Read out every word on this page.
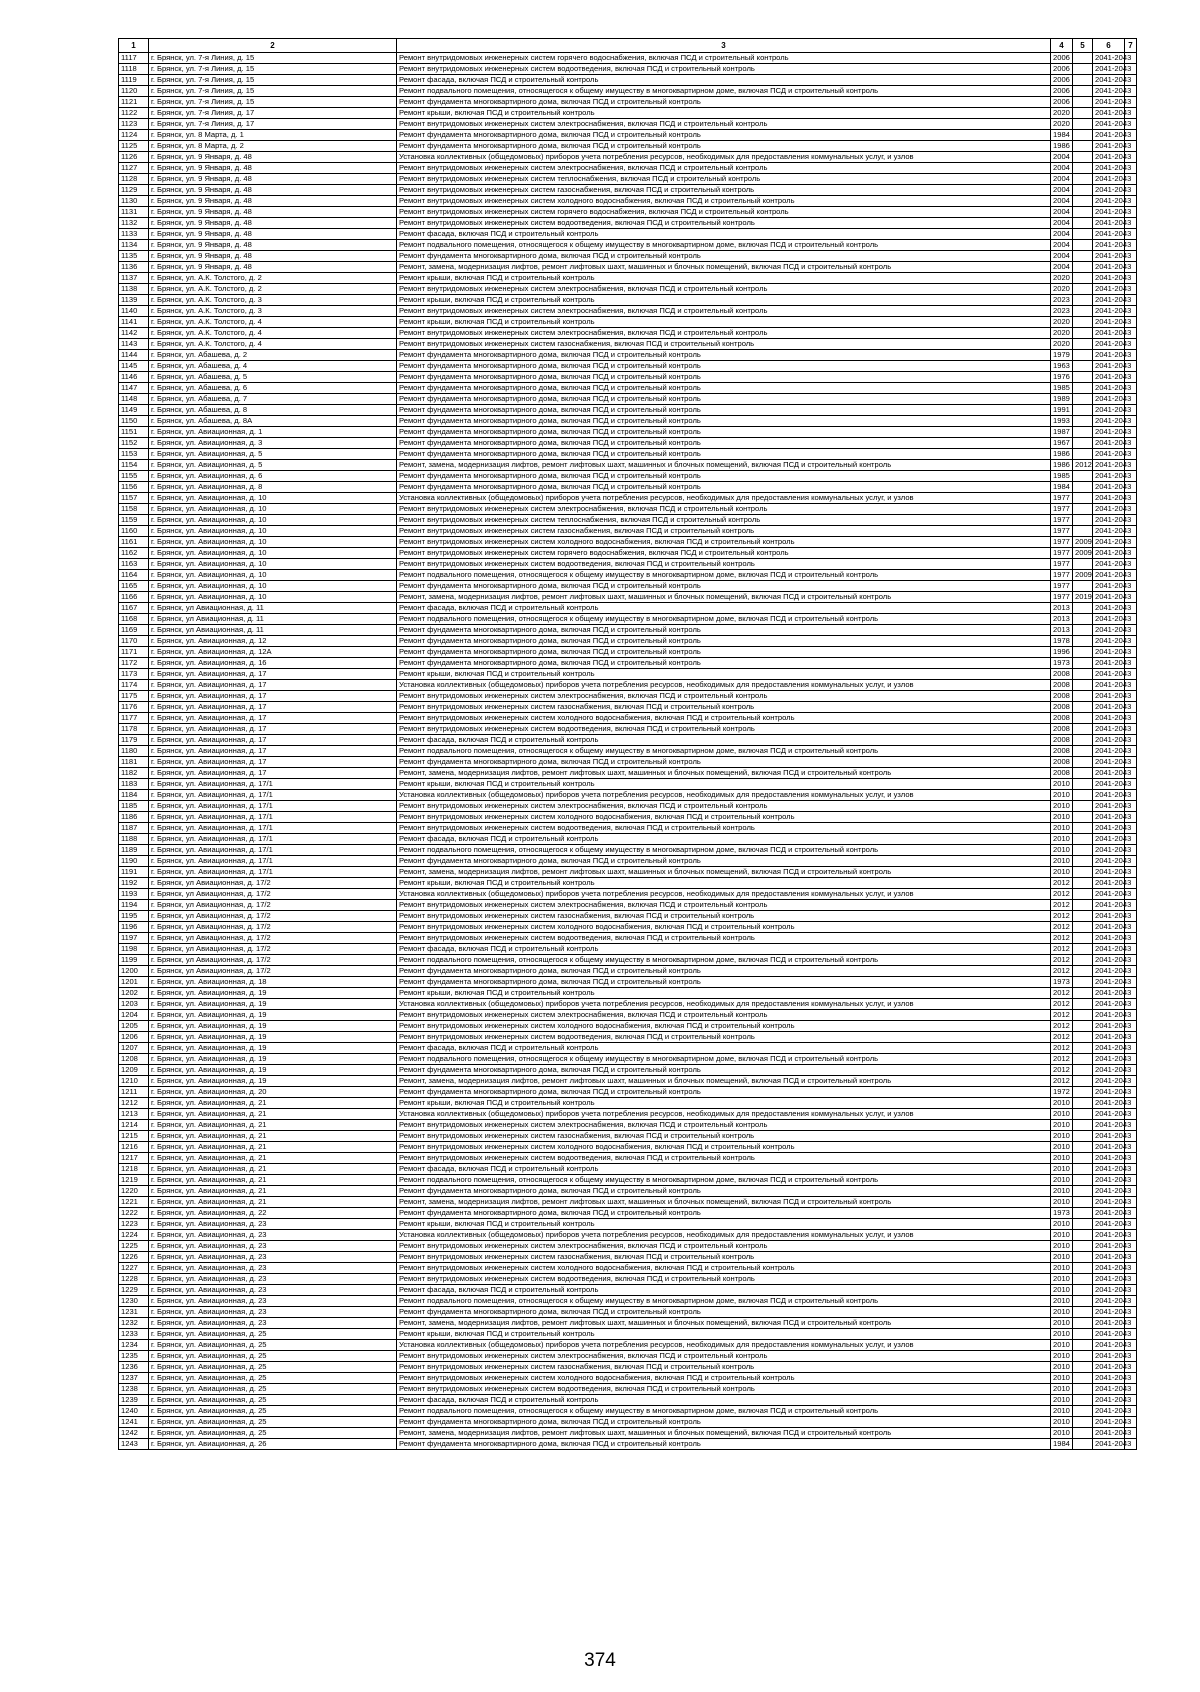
1	2	3	4	5	6	7
1117	г. Брянск, ул. 7-я Линия, д. 15	Ремонт внутридомовых инженерных систем горячего водоснабжения, включая ПСД и строительный контроль	2006		2041-2043	
1118	г. Брянск, ул. 7-я Линия, д. 15	Ремонт внутридомовых инженерных систем водоотведения, включая ПСД и строительный контроль	2006		2041-2043	
1119	г. Брянск, ул. 7-я Линия, д. 15	Ремонт фасада, включая ПСД и строительный контроль	2006		2041-2043	
1120	г. Брянск, ул. 7-я Линия, д. 15	Ремонт подвального помещения, относящегося к общему имуществу в многоквартирном доме, включая ПСД и строительный контроль	2006		2041-2043	
1121	г. Брянск, ул. 7-я Линия, д. 15	Ремонт фундамента многоквартирного дома, включая ПСД и строительный контроль	2006		2041-2043	
1122	г. Брянск, ул. 7-я Линия, д. 17	Ремонт крыши, включая ПСД и строительный контроль	2020		2041-2043	
1123	г. Брянск, ул. 7-я Линия, д. 17	Ремонт внутридомовых инженерных систем электроснабжения, включая ПСД и строительный контроль	2020		2041-2043	
1124	г. Брянск, ул. 8 Марта, д. 1	Ремонт фундамента многоквартирного дома, включая ПСД и строительный контроль	1984		2041-2043	
1125	г. Брянск, ул. 8 Марта, д. 2	Ремонт фундамента многоквартирного дома, включая ПСД и строительный контроль	1986		2041-2043	
1126	г. Брянск, ул. 9 Января, д. 48	Установка коллективных (общедомовых) приборов учета потребления ресурсов, необходимых для предоставления коммунальных услуг, и узлов	2004		2041-2043	
1127	г. Брянск, ул. 9 Января, д. 48	Ремонт внутридомовых инженерных систем электроснабжения, включая ПСД и строительный контроль	2004		2041-2043	
1128	г. Брянск, ул. 9 Января, д. 48	Ремонт внутридомовых инженерных систем теплоснабжения, включая ПСД и строительный контроль	2004		2041-2043	
1129	г. Брянск, ул. 9 Января, д. 48	Ремонт внутридомовых инженерных систем газоснабжения, включая ПСД и строительный контроль	2004		2041-2043	
1130	г. Брянск, ул. 9 Января, д. 48	Ремонт внутридомовых инженерных систем холодного водоснабжения, включая ПСД и строительный контроль	2004		2041-2043	
1131	г. Брянск, ул. 9 Января, д. 48	Ремонт внутридомовых инженерных систем горячего водоснабжения, включая ПСД и строительный контроль	2004		2041-2043	
1132	г. Брянск, ул. 9 Января, д. 48	Ремонт внутридомовых инженерных систем водоотведения, включая ПСД и строительный контроль	2004		2041-2043	
1133	г. Брянск, ул. 9 Января, д. 48	Ремонт фасада, включая ПСД и строительный контроль	2004		2041-2043	
1134	г. Брянск, ул. 9 Января, д. 48	Ремонт подвального помещения, относящегося к общему имуществу в многоквартирном доме, включая ПСД и строительный контроль	2004		2041-2043	
1135	г. Брянск, ул. 9 Января, д. 48	Ремонт фундамента многоквартирного дома, включая ПСД и строительный контроль	2004		2041-2043	
1136	г. Брянск, ул. 9 Января, д. 48	Ремонт, замена, модернизация лифтов, ремонт лифтовых шахт, машинных и блочных помещений, включая ПСД и строительный контроль	2004		2041-2043	
1137	г. Брянск, ул. А.К. Толстого, д. 2	Ремонт крыши, включая ПСД и строительный контроль	2020		2041-2043	
1138	г. Брянск, ул. А.К. Толстого, д. 2	Ремонт внутридомовых инженерных систем электроснабжения, включая ПСД и строительный контроль	2020		2041-2043	
1139	г. Брянск, ул. А.К. Толстого, д. 3	Ремонт крыши, включая ПСД и строительный контроль	2023		2041-2043	
1140	г. Брянск, ул. А.К. Толстого, д. 3	Ремонт внутридомовых инженерных систем электроснабжения, включая ПСД и строительный контроль	2023		2041-2043	
1141	г. Брянск, ул. А.К. Толстого, д. 4	Ремонт крыши, включая ПСД и строительный контроль	2020		2041-2043	
1142	г. Брянск, ул. А.К. Толстого, д. 4	Ремонт внутридомовых инженерных систем электроснабжения, включая ПСД и строительный контроль	2020		2041-2043	
1143	г. Брянск, ул. А.К. Толстого, д. 4	Ремонт внутридомовых инженерных систем газоснабжения, включая ПСД и строительный контроль	2020		2041-2043	
1144	г. Брянск, ул. Абашева, д. 2	Ремонт фундамента многоквартирного дома, включая ПСД и строительный контроль	1979		2041-2043	
1145	г. Брянск, ул. Абашева, д. 4	Ремонт фундамента многоквартирного дома, включая ПСД и строительный контроль	1963		2041-2043	
1146	г. Брянск, ул. Абашева, д. 5	Ремонт фундамента многоквартирного дома, включая ПСД и строительный контроль	1976		2041-2043	
1147	г. Брянск, ул. Абашева, д. 6	Ремонт фундамента многоквартирного дома, включая ПСД и строительный контроль	1985		2041-2043	
1148	г. Брянск, ул. Абашева, д. 7	Ремонт фундамента многоквартирного дома, включая ПСД и строительный контроль	1989		2041-2043	
1149	г. Брянск, ул. Абашева, д. 8	Ремонт фундамента многоквартирного дома, включая ПСД и строительный контроль	1991		2041-2043	
1150	г. Брянск, ул. Абашева, д. 8А	Ремонт фундамента многоквартирного дома, включая ПСД и строительный контроль	1993		2041-2043	
1151	г. Брянск, ул. Авиационная, д. 1	Ремонт фундамента многоквартирного дома, включая ПСД и строительный контроль	1987		2041-2043	
1152	г. Брянск, ул. Авиационная, д. 3	Ремонт фундамента многоквартирного дома, включая ПСД и строительный контроль	1967		2041-2043	
1153	г. Брянск, ул. Авиационная, д. 5	Ремонт фундамента многоквартирного дома, включая ПСД и строительный контроль	1986		2041-2043	
1154	г. Брянск, ул. Авиационная, д. 5	Ремонт, замена, модернизация лифтов, ремонт лифтовых шахт, машинных и блочных помещений, включая ПСД и строительный контроль	1986	2012	2041-2043	
1155	г. Брянск, ул. Авиационная, д. 6	Ремонт фундамента многоквартирного дома, включая ПСД и строительный контроль	1985		2041-2043	
1156	г. Брянск, ул. Авиационная, д. 8	Ремонт фундамента многоквартирного дома, включая ПСД и строительный контроль	1984		2041-2043	
1157	г. Брянск, ул. Авиационная, д. 10	Установка коллективных (общедомовых) приборов учета потребления ресурсов, необходимых для предоставления коммунальных услуг, и узлов	1977		2041-2043	
1158	г. Брянск, ул. Авиационная, д. 10	Ремонт внутридомовых инженерных систем электроснабжения, включая ПСД и строительный контроль	1977		2041-2043	
1159	г. Брянск, ул. Авиационная, д. 10	Ремонт внутридомовых инженерных систем теплоснабжения, включая ПСД и строительный контроль	1977		2041-2043	
1160	г. Брянск, ул. Авиационная, д. 10	Ремонт внутридомовых инженерных систем газоснабжения, включая ПСД и строительный контроль	1977		2041-2043	
1161	г. Брянск, ул. Авиационная, д. 10	Ремонт внутридомовых инженерных систем холодного водоснабжения, включая ПСД и строительный контроль	1977	2009	2041-2043	
1162	г. Брянск, ул. Авиационная, д. 10	Ремонт внутридомовых инженерных систем горячего водоснабжения, включая ПСД и строительный контроль	1977	2009	2041-2043	
1163	г. Брянск, ул. Авиационная, д. 10	Ремонт внутридомовых инженерных систем водоотведения, включая ПСД и строительный контроль	1977		2041-2043	
1164	г. Брянск, ул. Авиационная, д. 10	Ремонт подвального помещения, относящегося к общему имуществу в многоквартирном доме, включая ПСД и строительный контроль	1977	2009	2041-2043	
1165	г. Брянск, ул. Авиационная, д. 10	Ремонт фундамента многоквартирного дома, включая ПСД и строительный контроль	1977		2041-2043	
1166	г. Брянск, ул. Авиационная, д. 10	Ремонт, замена, модернизация лифтов, ремонт лифтовых шахт, машинных и блочных помещений, включая ПСД и строительный контроль	1977	2019	2041-2043	
1167	г. Брянск, ул Авиационная, д. 11	Ремонт фасада, включая ПСД и строительный контроль	2013		2041-2043	
1168	г. Брянск, ул Авиационная, д. 11	Ремонт подвального помещения, относящегося к общему имуществу в многоквартирном доме, включая ПСД и строительный контроль	2013		2041-2043	
1169	г. Брянск, ул Авиационная, д. 11	Ремонт фундамента многоквартирного дома, включая ПСД и строительный контроль	2013		2041-2043	
1170	г. Брянск, ул. Авиационная, д. 12	Ремонт фундамента многоквартирного дома, включая ПСД и строительный контроль	1978		2041-2043	
1171	г. Брянск, ул. Авиационная, д. 12А	Ремонт фундамента многоквартирного дома, включая ПСД и строительный контроль	1996		2041-2043	
1172	г. Брянск, ул. Авиационная, д. 16	Ремонт фундамента многоквартирного дома, включая ПСД и строительный контроль	1973		2041-2043	
1173	г. Брянск, ул. Авиационная, д. 17	Ремонт крыши, включая ПСД и строительный контроль	2008		2041-2043	
1174	г. Брянск, ул. Авиационная, д. 17	Установка коллективных (общедомовых) приборов учета потребления ресурсов, необходимых для предоставления коммунальных услуг, и узлов	2008		2041-2043	
1175	г. Брянск, ул. Авиационная, д. 17	Ремонт внутридомовых инженерных систем электроснабжения, включая ПСД и строительный контроль	2008		2041-2043	
1176	г. Брянск, ул. Авиационная, д. 17	Ремонт внутридомовых инженерных систем газоснабжения, включая ПСД и строительный контроль	2008		2041-2043	
1177	г. Брянск, ул. Авиационная, д. 17	Ремонт внутридомовых инженерных систем холодного водоснабжения, включая ПСД и строительный контроль	2008		2041-2043	
1178	г. Брянск, ул. Авиационная, д. 17	Ремонт внутридомовых инженерных систем водоотведения, включая ПСД и строительный контроль	2008		2041-2043	
1179	г. Брянск, ул. Авиационная, д. 17	Ремонт фасада, включая ПСД и строительный контроль	2008		2041-2043	
1180	г. Брянск, ул. Авиационная, д. 17	Ремонт подвального помещения, относящегося к общему имуществу в многоквартирном доме, включая ПСД и строительный контроль	2008		2041-2043	
1181	г. Брянск, ул. Авиационная, д. 17	Ремонт фундамента многоквартирного дома, включая ПСД и строительный контроль	2008		2041-2043	
1182	г. Брянск, ул. Авиационная, д. 17	Ремонт, замена, модернизация лифтов, ремонт лифтовых шахт, машинных и блочных помещений, включая ПСД и строительный контроль	2008		2041-2043	
1183	г. Брянск, ул. Авиационная, д. 17/1	Ремонт крыши, включая ПСД и строительный контроль	2010		2041-2043	
1184	г. Брянск, ул. Авиационная, д. 17/1	Установка коллективных (общедомовых) приборов учета потребления ресурсов, необходимых для предоставления коммунальных услуг, и узлов	2010		2041-2043	
1185	г. Брянск, ул. Авиационная, д. 17/1	Ремонт внутридомовых инженерных систем электроснабжения, включая ПСД и строительный контроль	2010		2041-2043	
1186	г. Брянск, ул. Авиационная, д. 17/1	Ремонт внутридомовых инженерных систем холодного водоснабжения, включая ПСД и строительный контроль	2010		2041-2043	
1187	г. Брянск, ул. Авиационная, д. 17/1	Ремонт внутридомовых инженерных систем водоотведения, включая ПСД и строительный контроль	2010		2041-2043	
1188	г. Брянск, ул. Авиационная, д. 17/1	Ремонт фасада, включая ПСД и строительный контроль	2010		2041-2043	
1189	г. Брянск, ул. Авиационная, д. 17/1	Ремонт подвального помещения, относящегося к общему имуществу в многоквартирном доме, включая ПСД и строительный контроль	2010		2041-2043	
1190	г. Брянск, ул. Авиационная, д. 17/1	Ремонт фундамента многоквартирного дома, включая ПСД и строительный контроль	2010		2041-2043	
1191	г. Брянск, ул. Авиационная, д. 17/1	Ремонт, замена, модернизация лифтов, ремонт лифтовых шахт, машинных и блочных помещений, включая ПСД и строительный контроль	2010		2041-2043	
1192	г. Брянск, ул Авиационная, д. 17/2	Ремонт крыши, включая ПСД и строительный контроль	2012		2041-2043	
1193	г. Брянск, ул Авиационная, д. 17/2	Установка коллективных (общедомовых) приборов учета потребления ресурсов, необходимых для предоставления коммунальных услуг, и узлов	2012		2041-2043	
1194	г. Брянск, ул Авиационная, д. 17/2	Ремонт внутридомовых инженерных систем электроснабжения, включая ПСД и строительный контроль	2012		2041-2043	
1195	г. Брянск, ул Авиационная, д. 17/2	Ремонт внутридомовых инженерных систем газоснабжения, включая ПСД и строительный контроль	2012		2041-2043	
1196	г. Брянск, ул Авиационная, д. 17/2	Ремонт внутридомовых инженерных систем холодного водоснабжения, включая ПСД и строительный контроль	2012		2041-2043	
1197	г. Брянск, ул Авиационная, д. 17/2	Ремонт внутридомовых инженерных систем водоотведения, включая ПСД и строительный контроль	2012		2041-2043	
1198	г. Брянск, ул Авиационная, д. 17/2	Ремонт фасада, включая ПСД и строительный контроль	2012		2041-2043	
1199	г. Брянск, ул Авиационная, д. 17/2	Ремонт подвального помещения, относящегося к общему имуществу в многоквартирном доме, включая ПСД и строительный контроль	2012		2041-2043	
1200	г. Брянск, ул Авиационная, д. 17/2	Ремонт фундамента многоквартирного дома, включая ПСД и строительный контроль	2012		2041-2043	
1201	г. Брянск, ул. Авиационная, д. 18	Ремонт фундамента многоквартирного дома, включая ПСД и строительный контроль	1973		2041-2043	
1202	г. Брянск, ул. Авиационная, д. 19	Ремонт крыши, включая ПСД и строительный контроль	2012		2041-2043	
1203	г. Брянск, ул. Авиационная, д. 19	Установка коллективных (общедомовых) приборов учета потребления ресурсов, необходимых для предоставления коммунальных услуг, и узлов	2012		2041-2043	
1204	г. Брянск, ул. Авиационная, д. 19	Ремонт внутридомовых инженерных систем электроснабжения, включая ПСД и строительный контроль	2012		2041-2043	
1205	г. Брянск, ул. Авиационная, д. 19	Ремонт внутридомовых инженерных систем холодного водоснабжения, включая ПСД и строительный контроль	2012		2041-2043	
1206	г. Брянск, ул. Авиационная, д. 19	Ремонт внутридомовых инженерных систем водоотведения, включая ПСД и строительный контроль	2012		2041-2043	
1207	г. Брянск, ул. Авиационная, д. 19	Ремонт фасада, включая ПСД и строительный контроль	2012		2041-2043	
1208	г. Брянск, ул. Авиационная, д. 19	Ремонт подвального помещения, относящегося к общему имуществу в многоквартирном доме, включая ПСД и строительный контроль	2012		2041-2043	
1209	г. Брянск, ул. Авиационная, д. 19	Ремонт фундамента многоквартирного дома, включая ПСД и строительный контроль	2012		2041-2043	
1210	г. Брянск, ул. Авиационная, д. 19	Ремонт, замена, модернизация лифтов, ремонт лифтовых шахт, машинных и блочных помещений, включая ПСД и строительный контроль	2012		2041-2043	
1211	г. Брянск, ул. Авиационная, д. 20	Ремонт фундамента многоквартирного дома, включая ПСД и строительный контроль	1972		2041-2043	
1212	г. Брянск, ул. Авиационная, д. 21	Ремонт крыши, включая ПСД и строительный контроль	2010		2041-2043	
1213	г. Брянск, ул. Авиационная, д. 21	Установка коллективных (общедомовых) приборов учета потребления ресурсов, необходимых для предоставления коммунальных услуг, и узлов	2010		2041-2043	
1214	г. Брянск, ул. Авиационная, д. 21	Ремонт внутридомовых инженерных систем электроснабжения, включая ПСД и строительный контроль	2010		2041-2043	
1215	г. Брянск, ул. Авиационная, д. 21	Ремонт внутридомовых инженерных систем газоснабжения, включая ПСД и строительный контроль	2010		2041-2043	
1216	г. Брянск, ул. Авиационная, д. 21	Ремонт внутридомовых инженерных систем холодного водоснабжения, включая ПСД и строительный контроль	2010		2041-2043	
1217	г. Брянск, ул. Авиационная, д. 21	Ремонт внутридомовых инженерных систем водоотведения, включая ПСД и строительный контроль	2010		2041-2043	
1218	г. Брянск, ул. Авиационная, д. 21	Ремонт фасада, включая ПСД и строительный контроль	2010		2041-2043	
1219	г. Брянск, ул. Авиационная, д. 21	Ремонт подвального помещения, относящегося к общему имуществу в многоквартирном доме, включая ПСД и строительный контроль	2010		2041-2043	
1220	г. Брянск, ул. Авиационная, д. 21	Ремонт фундамента многоквартирного дома, включая ПСД и строительный контроль	2010		2041-2043	
1221	г. Брянск, ул. Авиационная, д. 21	Ремонт, замена, модернизация лифтов, ремонт лифтовых шахт, машинных и блочных помещений, включая ПСД и строительный контроль	2010		2041-2043	
1222	г. Брянск, ул. Авиационная, д. 22	Ремонт фундамента многоквартирного дома, включая ПСД и строительный контроль	1973		2041-2043	
1223	г. Брянск, ул. Авиационная, д. 23	Ремонт крыши, включая ПСД и строительный контроль	2010		2041-2043	
1224	г. Брянск, ул. Авиационная, д. 23	Установка коллективных (общедомовых) приборов учета потребления ресурсов, необходимых для предоставления коммунальных услуг, и узлов	2010		2041-2043	
1225	г. Брянск, ул. Авиационная, д. 23	Ремонт внутридомовых инженерных систем электроснабжения, включая ПСД и строительный контроль	2010		2041-2043	
1226	г. Брянск, ул. Авиационная, д. 23	Ремонт внутридомовых инженерных систем газоснабжения, включая ПСД и строительный контроль	2010		2041-2043	
1227	г. Брянск, ул. Авиационная, д. 23	Ремонт внутридомовых инженерных систем холодного водоснабжения, включая ПСД и строительный контроль	2010		2041-2043	
1228	г. Брянск, ул. Авиационная, д. 23	Ремонт внутридомовых инженерных систем водоотведения, включая ПСД и строительный контроль	2010		2041-2043	
1229	г. Брянск, ул. Авиационная, д. 23	Ремонт фасада, включая ПСД и строительный контроль	2010		2041-2043	
1230	г. Брянск, ул. Авиационная, д. 23	Ремонт подвального помещения, относящегося к общему имуществу в многоквартирном доме, включая ПСД и строительный контроль	2010		2041-2043	
1231	г. Брянск, ул. Авиационная, д. 23	Ремонт фундамента многоквартирного дома, включая ПСД и строительный контроль	2010		2041-2043	
1232	г. Брянск, ул. Авиационная, д. 23	Ремонт, замена, модернизация лифтов, ремонт лифтовых шахт, машинных и блочных помещений, включая ПСД и строительный контроль	2010		2041-2043	
1233	г. Брянск, ул. Авиационная, д. 25	Ремонт крыши, включая ПСД и строительный контроль	2010		2041-2043	
1234	г. Брянск, ул. Авиационная, д. 25	Установка коллективных (общедомовых) приборов учета потребления ресурсов, необходимых для предоставления коммунальных услуг, и узлов	2010		2041-2043	
1235	г. Брянск, ул. Авиационная, д. 25	Ремонт внутридомовых инженерных систем электроснабжения, включая ПСД и строительный контроль	2010		2041-2043	
1236	г. Брянск, ул. Авиационная, д. 25	Ремонт внутридомовых инженерных систем газоснабжения, включая ПСД и строительный контроль	2010		2041-2043	
1237	г. Брянск, ул. Авиационная, д. 25	Ремонт внутридомовых инженерных систем холодного водоснабжения, включая ПСД и строительный контроль	2010		2041-2043	
1238	г. Брянск, ул. Авиационная, д. 25	Ремонт внутридомовых инженерных систем водоотведения, включая ПСД и строительный контроль	2010		2041-2043	
1239	г. Брянск, ул. Авиационная, д. 25	Ремонт фасада, включая ПСД и строительный контроль	2010		2041-2043	
1240	г. Брянск, ул. Авиационная, д. 25	Ремонт подвального помещения, относящегося к общему имуществу в многоквартирном доме, включая ПСД и строительный контроль	2010		2041-2043	
1241	г. Брянск, ул. Авиационная, д. 25	Ремонт фундамента многоквартирного дома, включая ПСД и строительный контроль	2010		2041-2043	
1242	г. Брянск, ул. Авиационная, д. 25	Ремонт, замена, модернизация лифтов, ремонт лифтовых шахт, машинных и блочных помещений, включая ПСД и строительный контроль	2010		2041-2043	
1243	г. Брянск, ул. Авиационная, д. 26	Ремонт фундамента многоквартирного дома, включая ПСД и строительный контроль	1984		2041-2043	
374
